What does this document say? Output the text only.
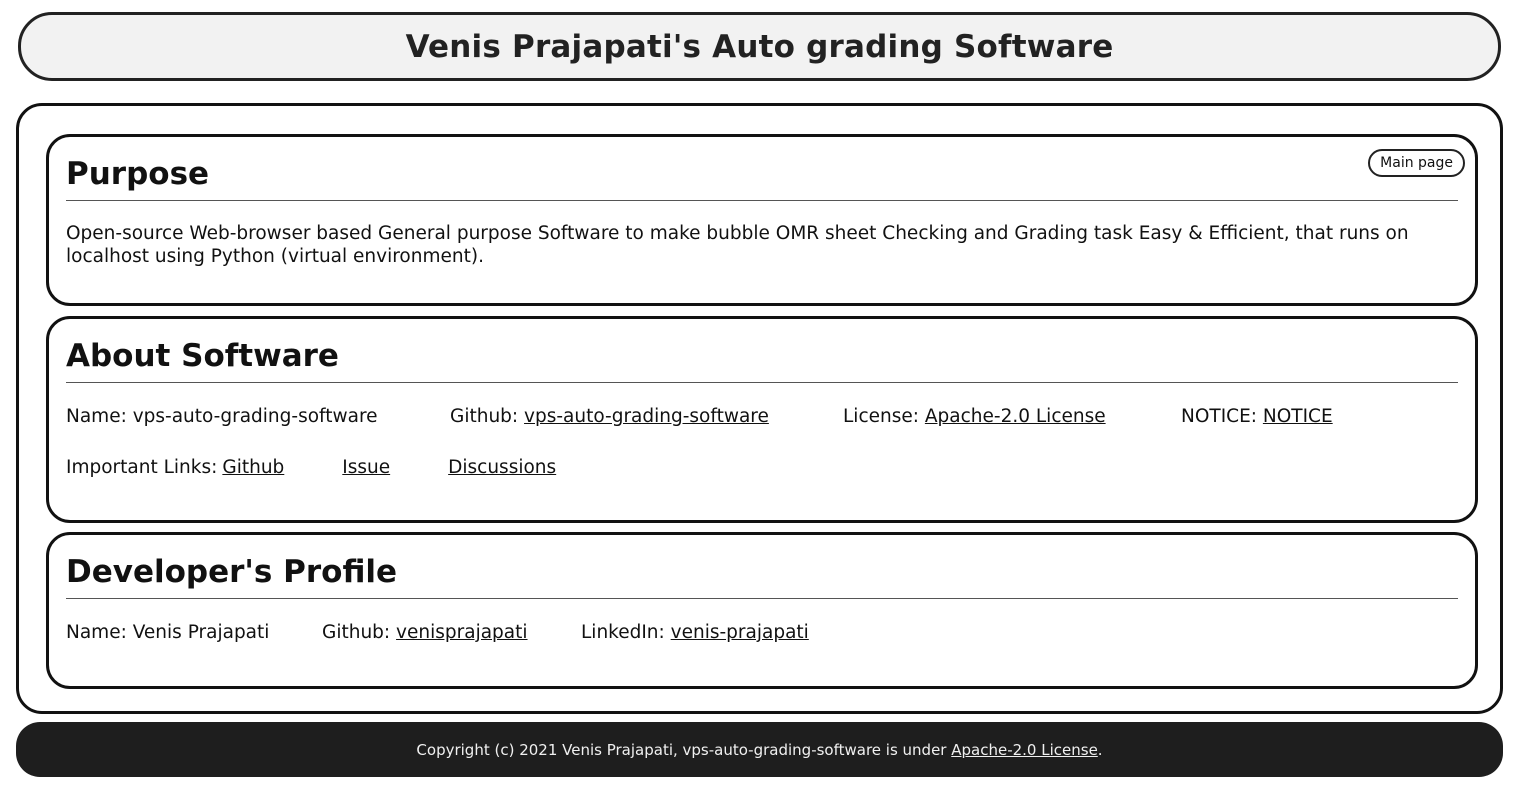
Venis Prajapati's Auto grading Software
Main page
Purpose

Open-source Web-browser based General purpose Software to make bubble OMR sheet Checking and Grading task Easy & Efficient, that runs on localhost using Python (virtual environment).

About Software
Name: vps-auto-grading-software	Github: vps-auto-grading-software	License: Apache-2.0 License	NOTICE: NOTICE
Important Links: Github	Issue	Discussions
Developer's Profile
Name: Venis Prajapati	Github: venisprajapati	LinkedIn: venis-prajapati
Copyright (c) 2021 Venis Prajapati, vps-auto-grading-software is under Apache-2.0 License.
